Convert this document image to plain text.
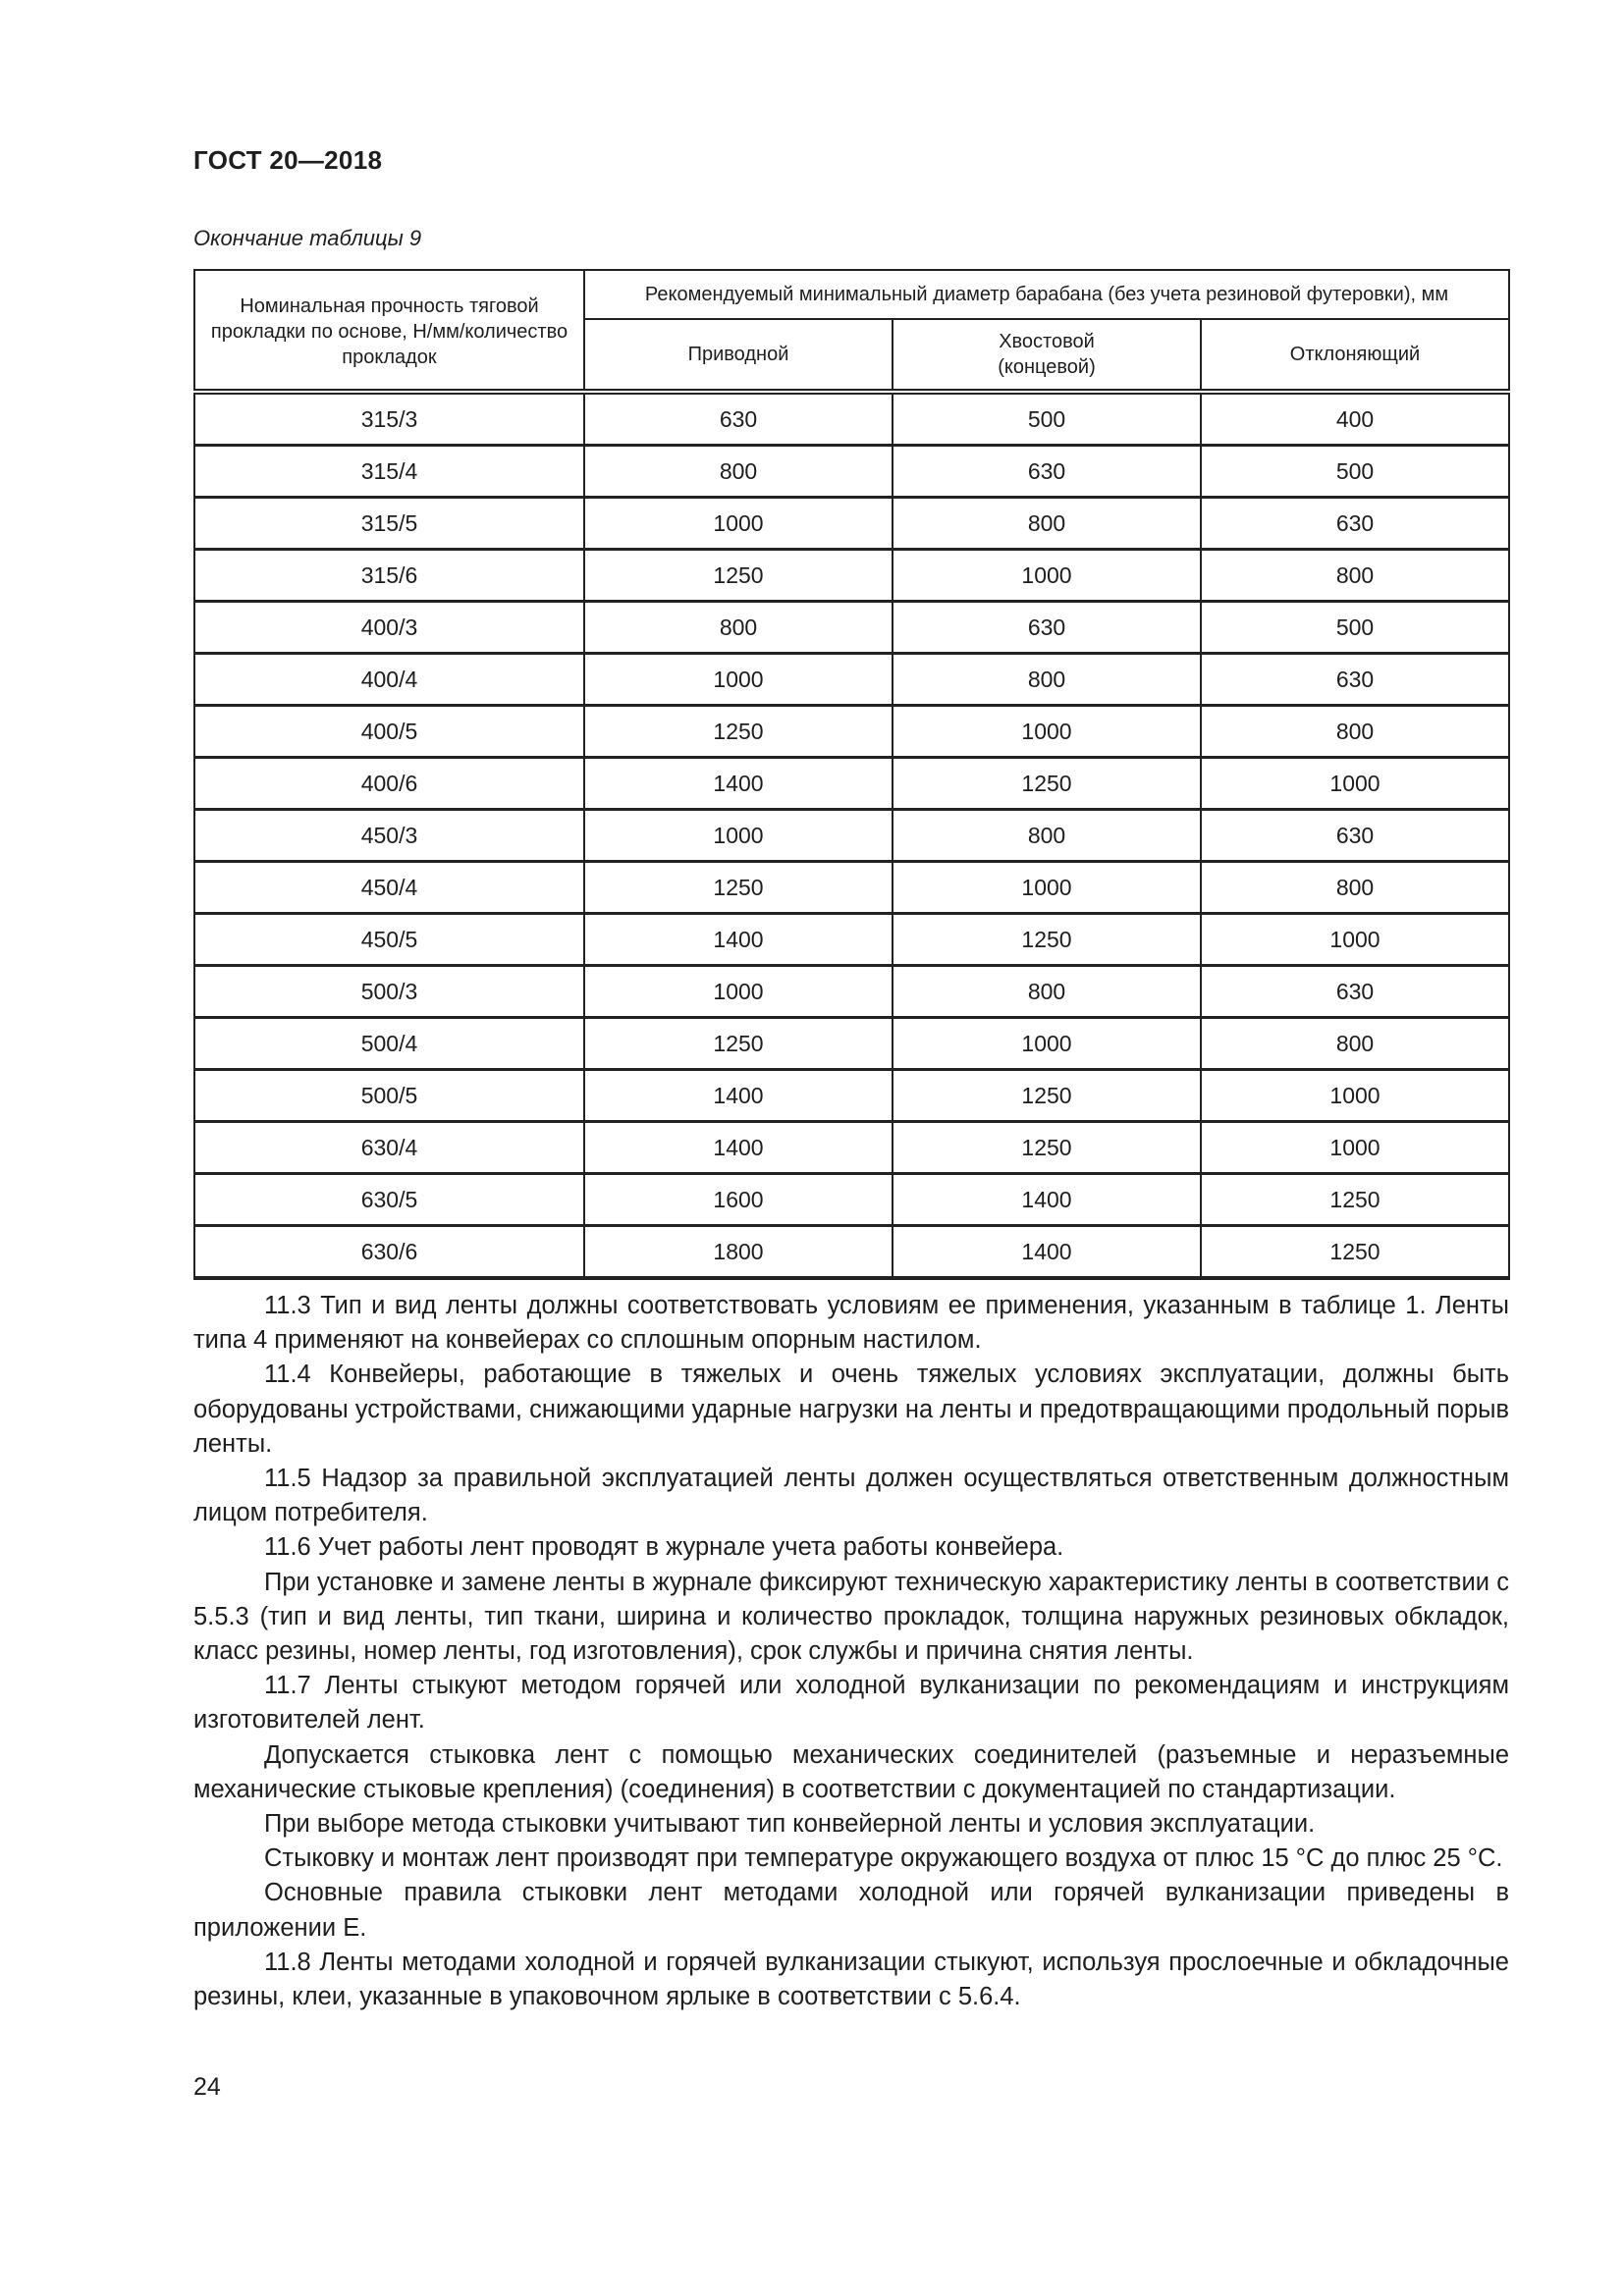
ГОСТ 20—2018
Окончание таблицы 9
Номинальная прочность тяговой прокладки по основе, Н/мм/количество прокладок	Рекомендуемый минимальный диаметр барабана (без учета резиновой футеровки), мм		
	Приводной	Хвостовой (концевой)	Отклоняющий
315/3	630	500	400
315/4	800	630	500
315/5	1000	800	630
315/6	1250	1000	800
400/3	800	630	500
400/4	1000	800	630
400/5	1250	1000	800
400/6	1400	1250	1000
450/3	1000	800	630
450/4	1250	1000	800
450/5	1400	1250	1000
500/3	1000	800	630
500/4	1250	1000	800
500/5	1400	1250	1000
630/4	1400	1250	1000
630/5	1600	1400	1250
630/6	1800	1400	1250

11.3 Тип и вид ленты должны соответствовать условиям ее применения, указанным в таблице 1. Ленты типа 4 применяют на конвейерах со сплошным опорным настилом.

11.4 Конвейеры, работающие в тяжелых и очень тяжелых условиях эксплуатации, должны быть оборудованы устройствами, снижающими ударные нагрузки на ленты и предотвращающими продольный порыв ленты.

11.5 Надзор за правильной эксплуатацией ленты должен осуществляться ответственным должностным лицом потребителя.

11.6 Учет работы лент проводят в журнале учета работы конвейера.

При установке и замене ленты в журнале фиксируют техническую характеристику ленты в соответствии с 5.5.3 (тип и вид ленты, тип ткани, ширина и количество прокладок, толщина наружных резиновых обкладок, класс резины, номер ленты, год изготовления), срок службы и причина снятия ленты.

11.7 Ленты стыкуют методом горячей или холодной вулканизации по рекомендациям и инструкциям изготовителей лент.

Допускается стыковка лент с помощью механических соединителей (разъемные и неразъемные механические стыковые крепления) (соединения) в соответствии с документацией по стандартизации.

При выборе метода стыковки учитывают тип конвейерной ленты и условия эксплуатации.

Стыковку и монтаж лент производят при температуре окружающего воздуха от плюс 15 °С до плюс 25 °С.

Основные правила стыковки лент методами холодной или горячей вулканизации приведены в приложении Е.

11.8 Ленты методами холодной и горячей вулканизации стыкуют, используя прослоечные и обкладочные резины, клеи, указанные в упаковочном ярлыке в соответствии с 5.6.4.

24
